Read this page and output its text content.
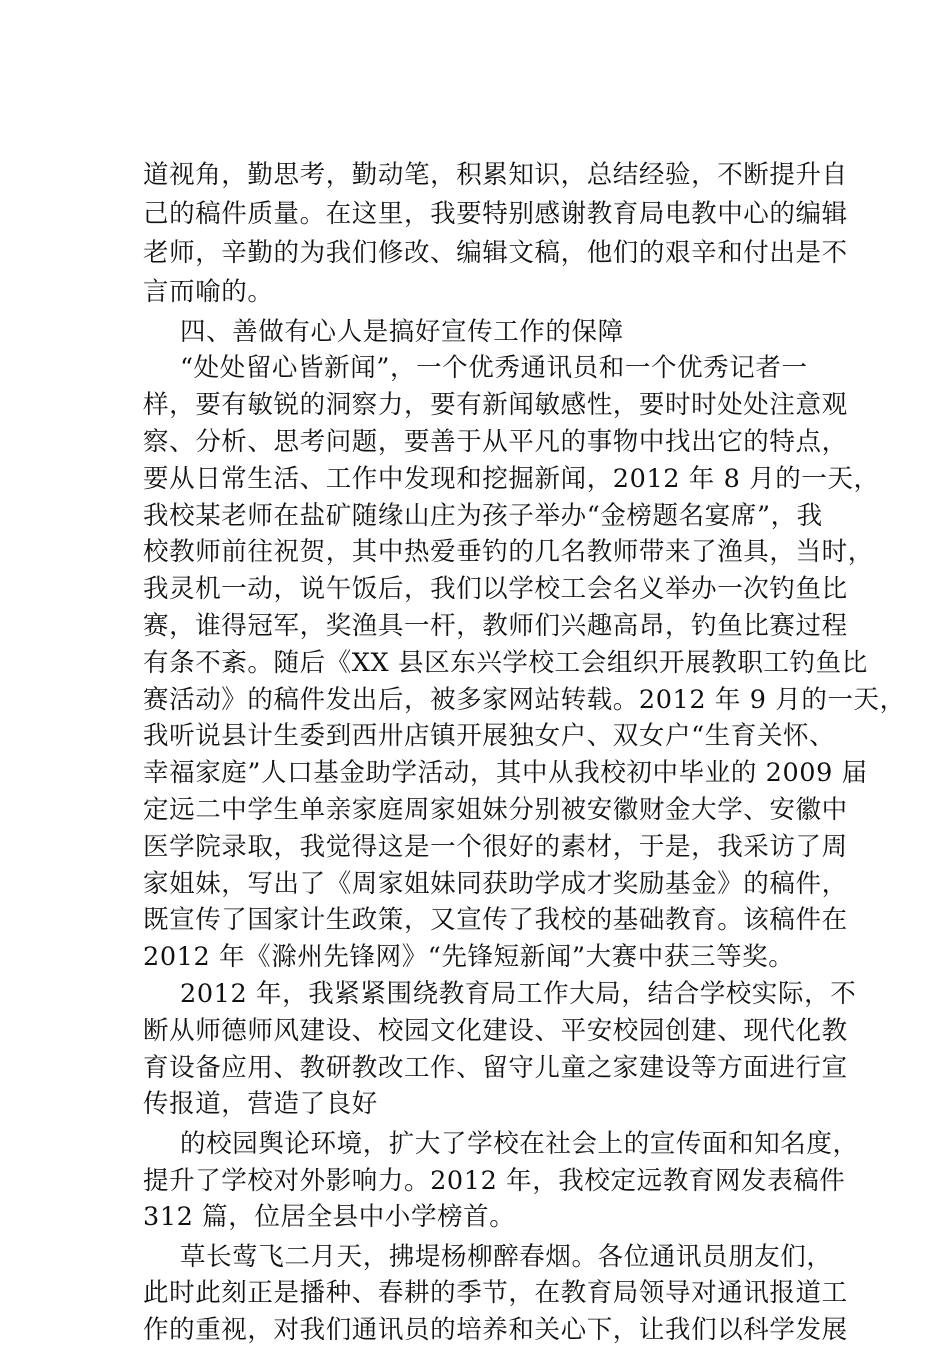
道视角，勤思考，勤动笔，积累知识，总结经验，不断提升自
己的稿件质量。在这里，我要特别感谢教育局电教中心的编辑
老师，辛勤的为我们修改、编辑文稿，他们的艰辛和付出是不
言而喻的。
四、善做有心人是搞好宣传工作的保障
“处处留心皆新闻”，一个优秀通讯员和一个优秀记者一
样，要有敏锐的洞察力，要有新闻敏感性，要时时处处注意观
察、分析、思考问题，要善于从平凡的事物中找出它的特点，
要从日常生活、工作中发现和挖掘新闻，2012 年 8 月的一天，
我校某老师在盐矿随缘山庄为孩子举办“金榜题名宴席”，我
校教师前往祝贺，其中热爱垂钓的几名教师带来了渔具，当时，
我灵机一动，说午饭后，我们以学校工会名义举办一次钓鱼比
赛，谁得冠军，奖渔具一杆，教师们兴趣高昂，钓鱼比赛过程
有条不紊。随后《XX 县区东兴学校工会组织开展教职工钓鱼比
赛活动》的稿件发出后，被多家网站转载。2012 年 9 月的一天，
我听说县计生委到西卅店镇开展独女户、双女户“生育关怀、
幸福家庭”人口基金助学活动，其中从我校初中毕业的 2009 届
定远二中学生单亲家庭周家姐妹分别被安徽财金大学、安徽中
医学院录取，我觉得这是一个很好的素材，于是，我采访了周
家姐妹，写出了《周家姐妹同获助学成才奖励基金》的稿件，
既宣传了国家计生政策，又宣传了我校的基础教育。该稿件在
2012 年《滁州先锋网》“先锋短新闻”大赛中获三等奖。
2012 年，我紧紧围绕教育局工作大局，结合学校实际，不
断从师德师风建设、校园文化建设、平安校园创建、现代化教
育设备应用、教研教改工作、留守儿童之家建设等方面进行宣
传报道，营造了良好
的校园舆论环境，扩大了学校在社会上的宣传面和知名度，
提升了学校对外影响力。2012 年，我校定远教育网发表稿件
312 篇，位居全县中小学榜首。
草长莺飞二月天，拂堤杨柳醉春烟。各位通讯员朋友们，
此时此刻正是播种、春耕的季节，在教育局领导对通讯报道工
作的重视，对我们通讯员的培养和关心下，让我们以科学发展
